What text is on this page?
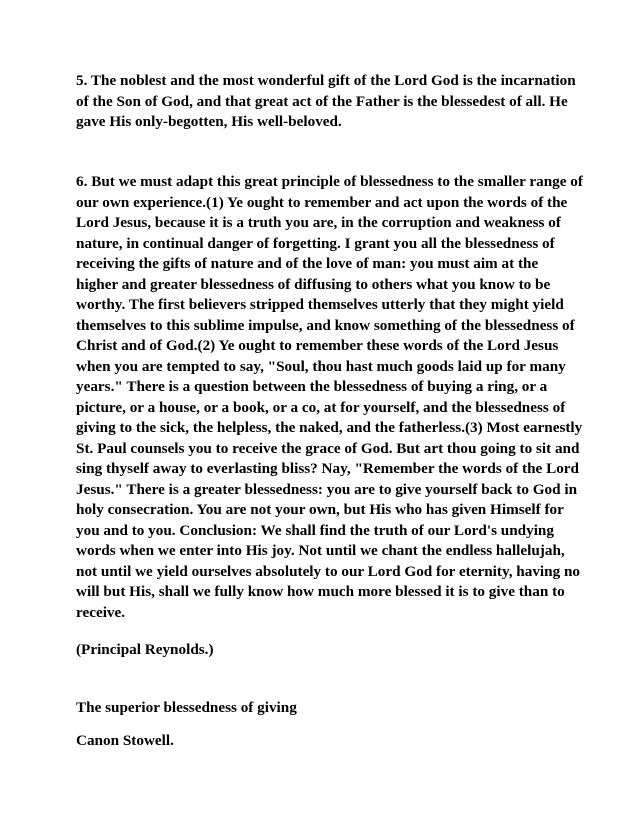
5. The noblest and the most wonderful gift of the Lord God is the incarnation
of the Son of God, and that great act of the Father is the blessedest of all. He
gave His only-begotten, His well-beloved.

6. But we must adapt this great principle of blessedness to the smaller range of
our own experience.(1) Ye ought to remember and act upon the words of the
Lord Jesus, because it is a truth you are, in the corruption and weakness of
nature, in continual danger of forgetting. I grant you all the blessedness of
receiving the gifts of nature and of the love of man: you must aim at the
higher and greater blessedness of diffusing to others what you know to be
worthy. The first believers stripped themselves utterly that they might yield
themselves to this sublime impulse, and know something of the blessedness of
Christ and of God.(2) Ye ought to remember these words of the Lord Jesus
when you are tempted to say, "Soul, thou hast much goods laid up for many
years." There is a question between the blessedness of buying a ring, or a
picture, or a house, or a book, or a co, at for yourself, and the blessedness of
giving to the sick, the helpless, the naked, and the fatherless.(3) Most earnestly
St. Paul counsels you to receive the grace of God. But art thou going to sit and
sing thyself away to everlasting bliss? Nay, "Remember the words of the Lord
Jesus." There is a greater blessedness: you are to give yourself back to God in
holy consecration. You are not your own, but His who has given Himself for
you and to you. Conclusion: We shall find the truth of our Lord's undying
words when we enter into His joy. Not until we chant the endless hallelujah,
not until we yield ourselves absolutely to our Lord God for eternity, having no
will but His, shall we fully know how much more blessed it is to give than to
receive.

(Principal Reynolds.)

The superior blessedness of giving

Canon Stowell.
